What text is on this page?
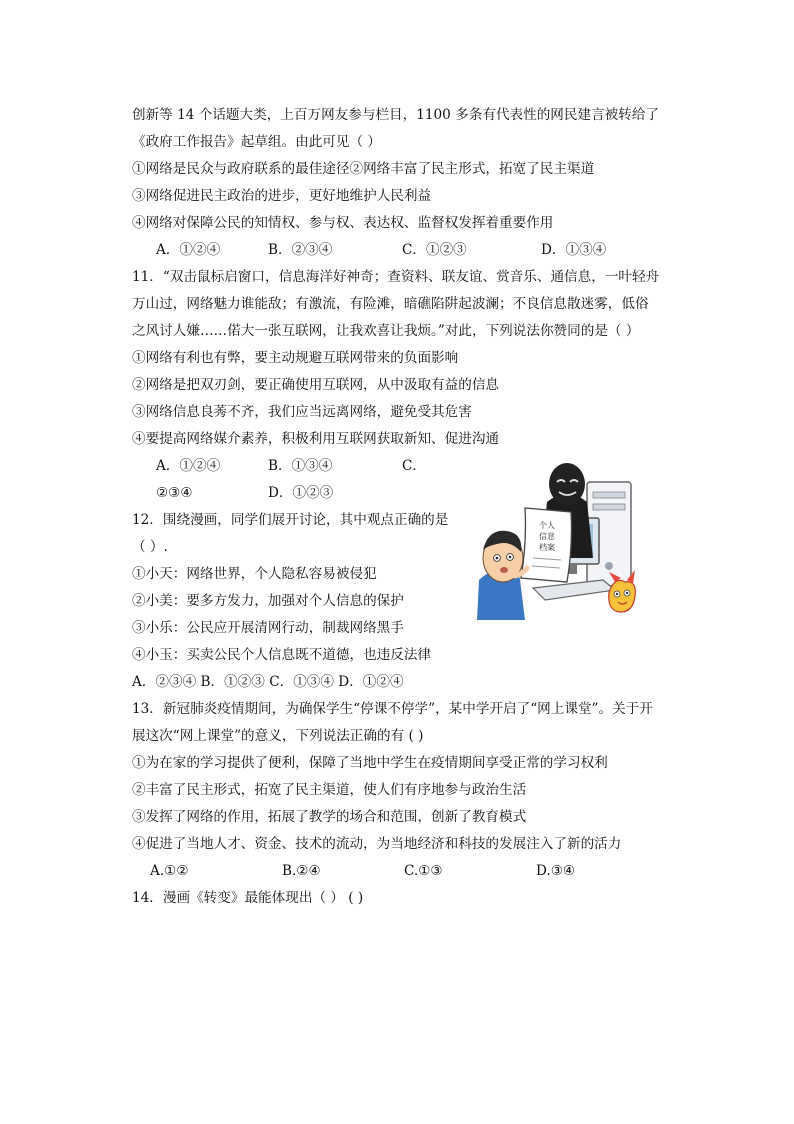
创新等 14 个话题大类，上百万网友参与栏目，1100 多条有代表性的网民建言被转给了
《政府工作报告》起草组。由此可见（ ）
①网络是民众与政府联系的最佳途径②网络丰富了民主形式，拓宽了民主渠道
③网络促进民主政治的进步，更好地维护人民利益
④网络对保障公民的知情权、参与权、表达权、监督权发挥着重要作用
A．①②④	B．②③④	C．①②③	D．①③④
11．“双击鼠标启窗口，信息海洋好神奇；查资料、联友谊、赏音乐、通信息，一叶轻舟
万山过，网络魅力谁能敌；有激流，有险滩，暗礁陷阱起波澜；不良信息散迷雾，低俗
之风讨人嫌……偌大一张互联网，让我欢喜让我烦。”对此，下列说法你赞同的是（ ）
①网络有利也有弊，要主动规避互联网带来的负面影响
②网络是把双刃剑，要正确使用互联网，从中汲取有益的信息
③网络信息良莠不齐，我们应当远离网络，避免受其危害
④要提高网络媒介素养，积极利用互联网获取新知、促进沟通
A．①②④	B．①③④	C．
②③④	D．①②③
12．围绕漫画，同学们展开讨论，其中观点正确的是
（ ）.
①小天：网络世界，个人隐私容易被侵犯
②小美：要多方发力，加强对个人信息的保护
③小乐：公民应开展清网行动，制裁网络黑手
④小玉：买卖公民个人信息既不道德，也违反法律
A．②③④ B．①②③ C．①③④ D．①②④
个人
信息
档案
13．新冠肺炎疫情期间，为确保学生“停课不停学”，某中学开启了“网上课堂”。关于开
展这次“网上课堂”的意义，下列说法正确的有 ( )
①为在家的学习提供了便利，保障了当地中学生在疫情期间享受正常的学习权利
②丰富了民主形式，拓宽了民主渠道，使人们有序地参与政治生活
③发挥了网络的作用，拓展了教学的场合和范围，创新了教育模式
④促进了当地人才、资金、技术的流动，为当地经济和科技的发展注入了新的活力
A.①②	B.②④	C.①③	D.③④
14．漫画《转变》最能体现出（ ） ( )
